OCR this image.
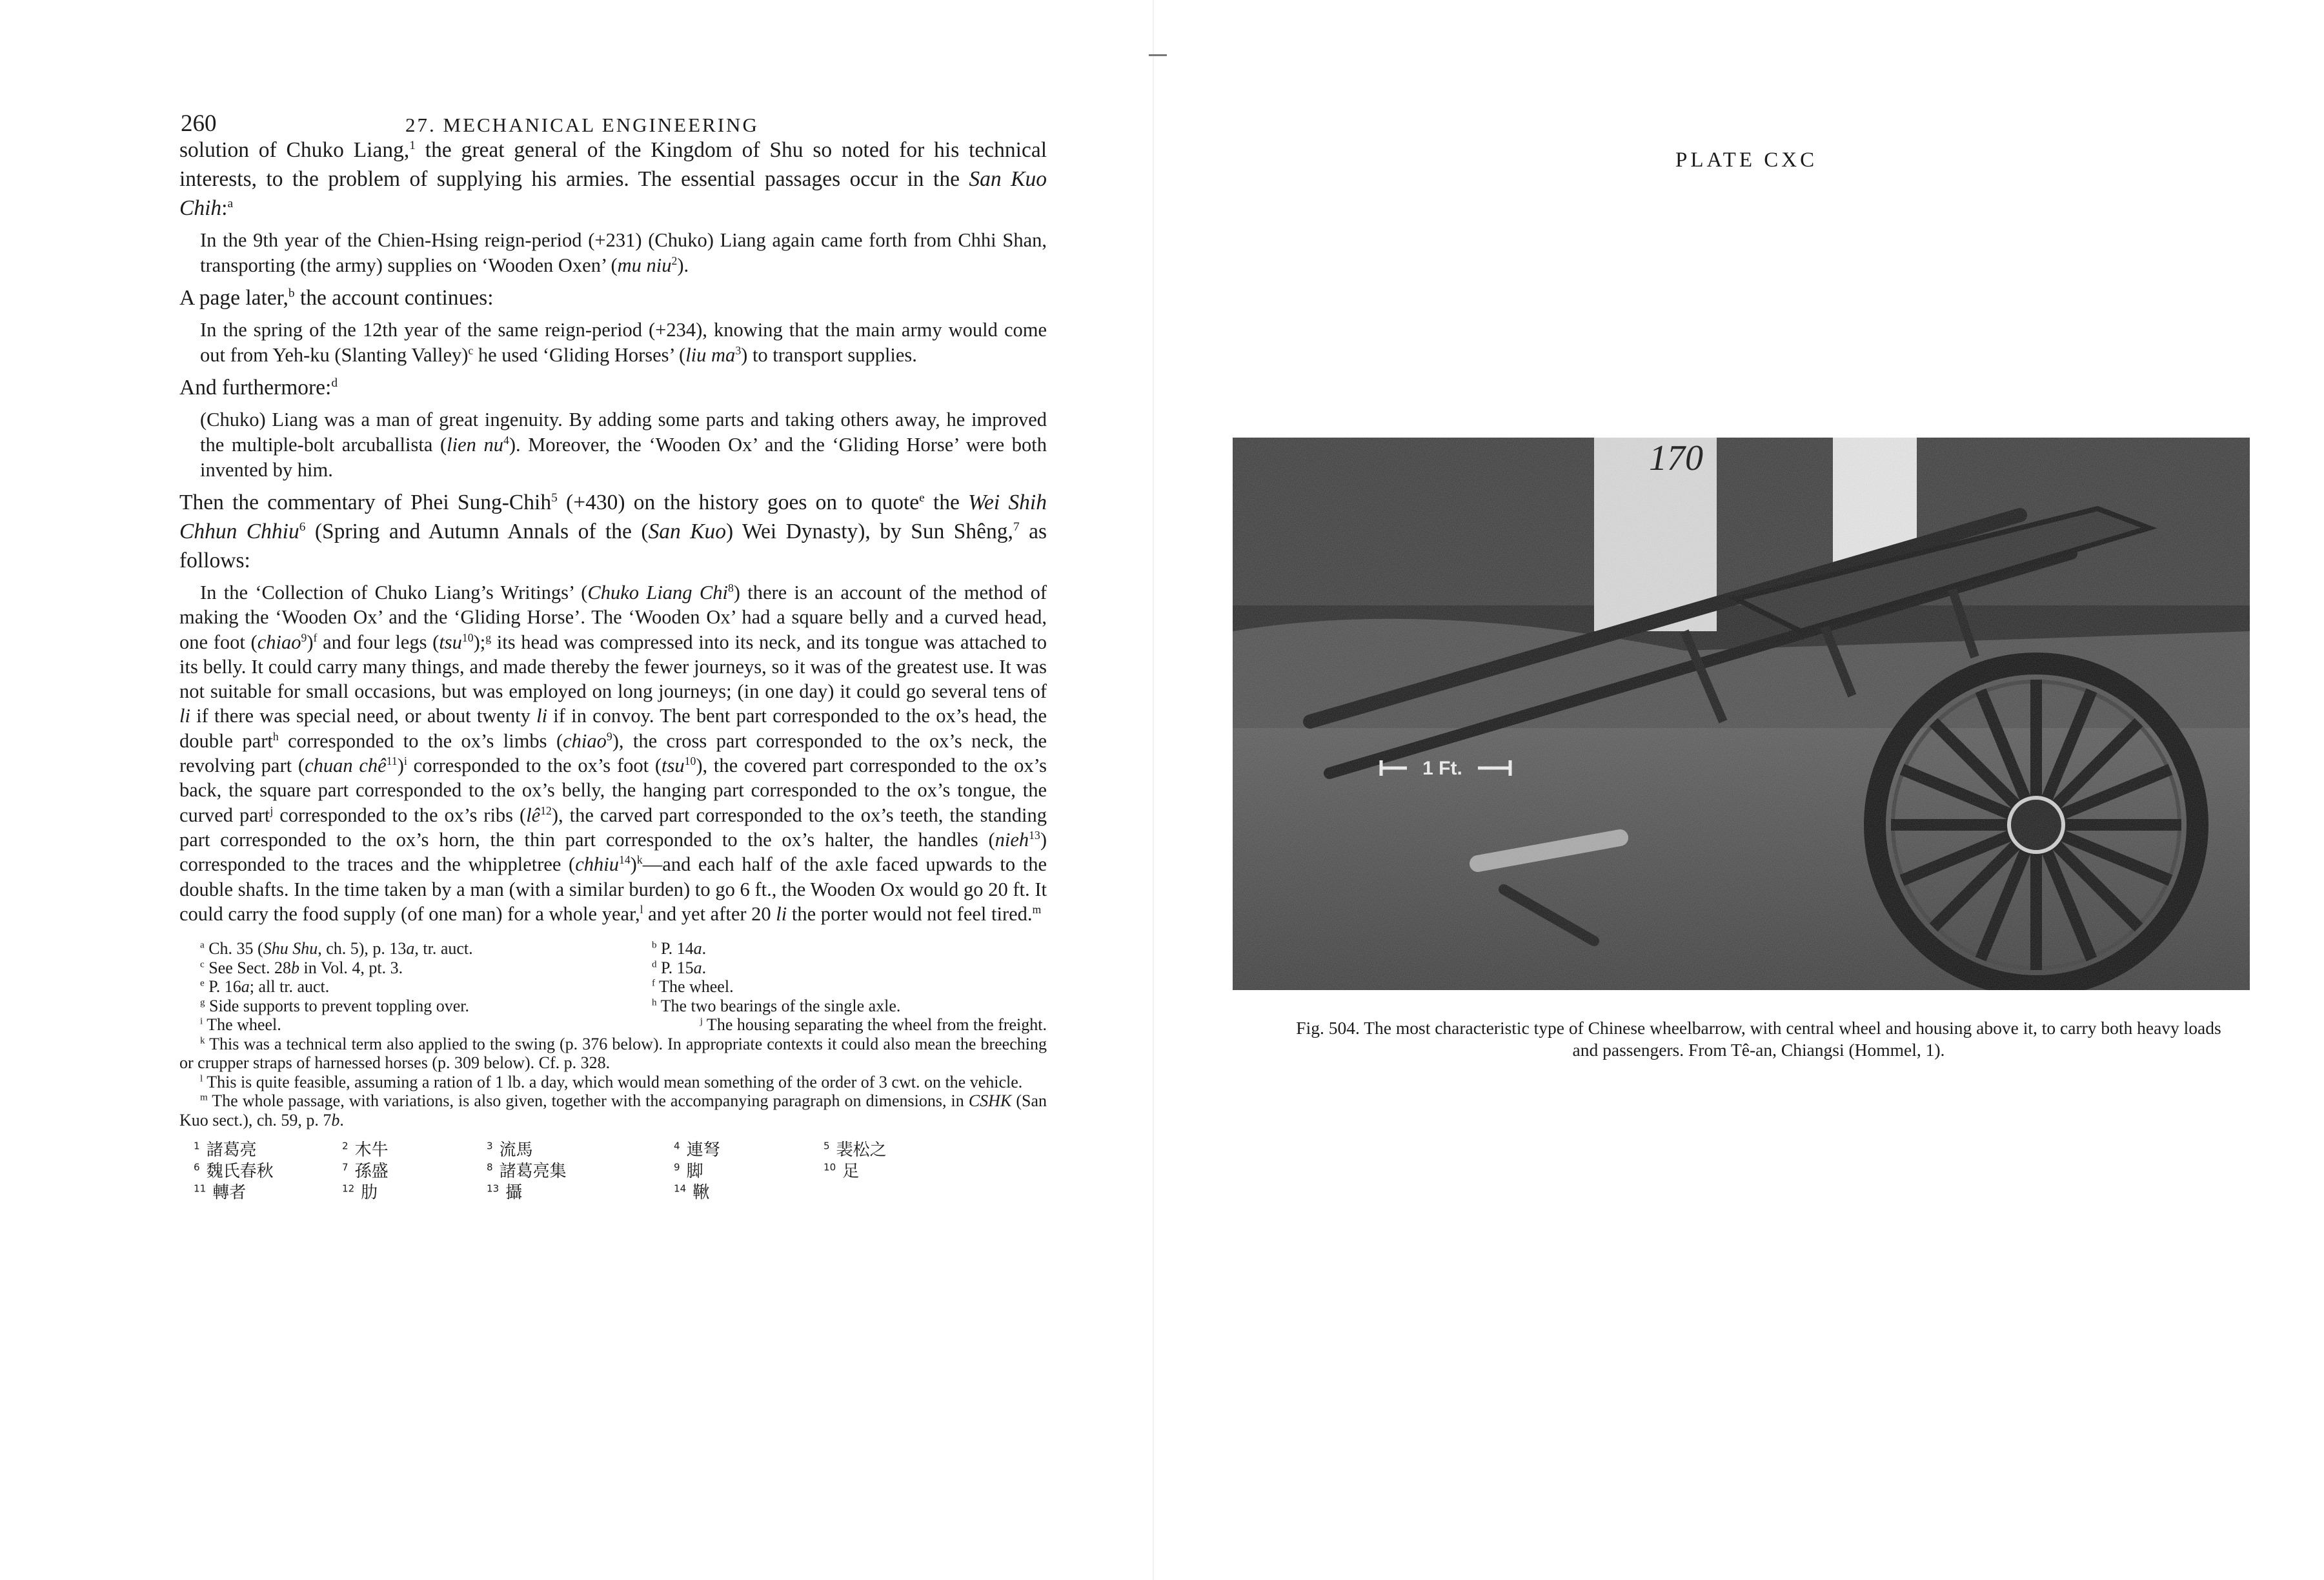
260	27. MECHANICAL ENGINEERING

solution of Chuko Liang,$^1$ the great general of the Kingdom of Shu so noted for his technical interests, to the problem of supplying his armies. The essential passages occur in the San Kuo Chih:$^a$

In the 9th year of the Chien-Hsing reign-period (+231) (Chuko) Liang again came forth from Chhi Shan, transporting (the army) supplies on ‘Wooden Oxen’ (mu niu$^2$).

A page later,$^b$ the account continues:

In the spring of the 12th year of the same reign-period (+234), knowing that the main army would come out from Yeh-ku (Slanting Valley)$^c$ he used ‘Gliding Horses’ (liu $ma^3$) to transport supplies.

And furthermore:$^d$

(Chuko) Liang was a man of great ingenuity. By adding some parts and taking others away, he improved the multiple-bolt arcuballista (lien $nu^4$). Moreover, the ‘Wooden Ox’ and the ‘Gliding Horse’ were both invented by him.

Then the commentary of Phei Sung-Chih$^5$ (+430) on the history goes on to quote$^e$ the Wei Shih Chhun Chhiu$^6$ (Spring and Autumn Annals of the (San Kuo) Wei Dynasty), by Sun Shêng,$^7$ as follows:

In the ‘Collection of Chuko Liang’s Writings’ (Chuko Liang Chi$^8$) there is an account of the method of making the ‘Wooden Ox’ and the ‘Gliding Horse’. The ‘Wooden Ox’ had a square belly and a curved head, one foot (chiao$^9$)$^f$ and four legs (tsu$^{10}$);$^g$ its head was compressed into its neck, and its tongue was attached to its belly. It could carry many things, and made thereby the fewer journeys, so it was of the greatest use. It was not suitable for small occasions, but was employed on long journeys; (in one day) it could go several tens of li if there was special need, or about twenty li if in convoy. The bent part corresponded to the ox’s head, the double part$^h$ corresponded to the ox’s limbs (chiao$^9$), the cross part corresponded to the ox’s neck, the revolving part (chuan chê$^{11}$)$^i$ corresponded to the ox’s foot (tsu$^{10}$), the covered part corresponded to the ox’s back, the square part corresponded to the ox’s belly, the hanging part corresponded to the ox’s tongue, the curved part$^j$ corresponded to the ox’s ribs $(lê^{12})$, the carved part corresponded to the ox’s teeth, the standing part corresponded to the ox’s horn, the thin part corresponded to the ox’s halter, the handles (nieh$^{13}$) corresponded to the traces and the whippletree (chhiu$^{14}$)$^k$—and each half of the axle faced upwards to the double shafts. In the time taken by a man (with a similar burden) to go 6 ft., the Wooden Ox would go 20 ft. It could carry the food supply (of one man) for a whole year,$^l$ and yet after 20 li the porter would not feel tired.$^m$

$^a$ Ch. 35 (Shu Shu, ch. 5), p. 13a, tr. auct.	$^b$ P. 14a.
$^c$ See Sect. 28b in Vol. 4, pt. 3.	$^d$ P. 15a.
$^e$ P. 16a; all tr. auct.	$^f$ The wheel.
$^g$ Side supports to prevent toppling over.	$^h$ The two bearings of the single axle.
$^i$ The wheel.	$^j$ The housing separating the wheel from the freight.
$^k$ This was a technical term also applied to the swing (p. 376 below). In appropriate contexts it could also mean the breeching or crupper straps of harnessed horses (p. 309 below). Cf. p. 328.
$^l$ This is quite feasible, assuming a ration of 1 lb. a day, which would mean something of the order of 3 cwt. on the vehicle.
$^m$ The whole passage, with variations, is also given, together with the accompanying paragraph on dimensions, in CSHK (San Kuo sect.), ch. 59, p. 7b.
$^1$ 諸葛亮	$^2$ 木牛	$^3$ 流馬	$^4$ 連弩	$^5$ 裴松之
$^6$ 魏氏春秋	$^7$ 孫盛	$^8$ 諸葛亮集	$^9$ 脚	$^{10}$ 足
$^{11}$ 轉者	$^{12}$ 肋	$^{13}$ 攝	$^{14}$ 鞦
PLATE CXC
Fig. 504. The most characteristic type of Chinese wheelbarrow, with central wheel and housing above it, to carry both heavy loads and passengers. From Tê-an, Chiangsi (Hommel, 1).
